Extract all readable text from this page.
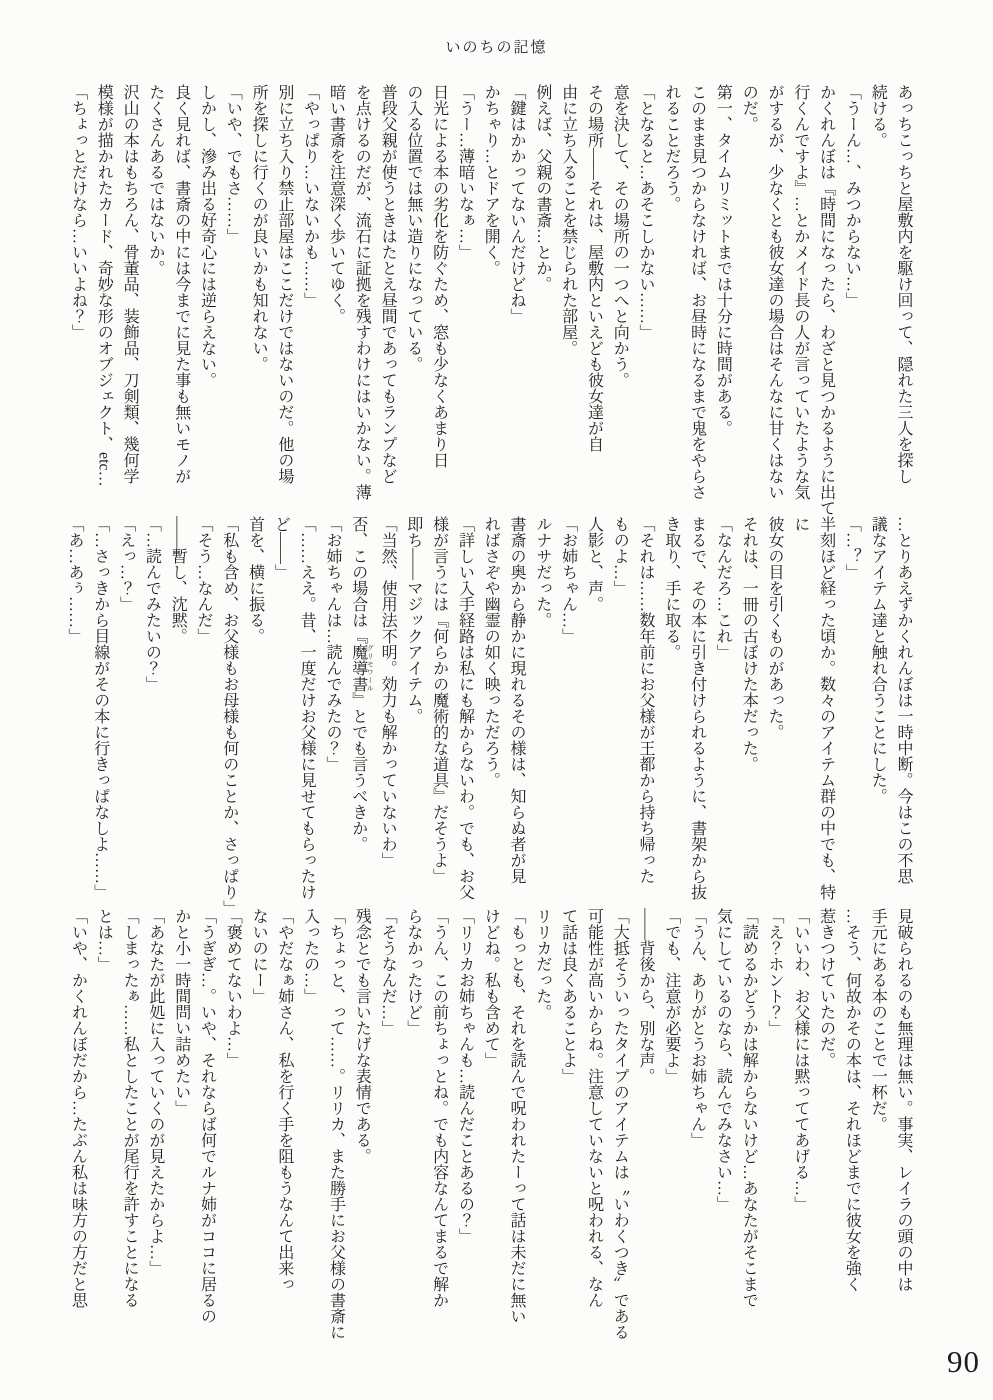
いのちの記憶

あっちこっちと屋敷内を駆け回って、隠れた三人を探し

続ける。

「うーん…、みつからない…」

かくれんぼは『時間になったら、わざと見つかるように出て

行くんですよ』…とかメイド長の人が言っていたような気

がするが、少なくとも彼女達の場合はそんなに甘くはない

のだ。

第一、タイムリミットまでは十分に時間がある。

このまま見つからなければ、お昼時になるまで鬼をやらさ

れることだろう。

「となると…あそこしかない……」

意を決して、その場所の一つへと向かう。

その場所――それは、屋敷内といえども彼女達が自

由に立ち入ることを禁じられた部屋。

例えば、父親の書斎…とか。

「鍵はかかってないんだけどね」

かちゃり…とドアを開く。

「うー…薄暗いなぁ…」

日光による本の劣化を防ぐため、窓も少なくあまり日

の入る位置では無い造りになっている。

普段父親が使うときはたとえ昼間であってもランプなど

を点けるのだが、流石に証拠を残すわけにはいかない。薄

暗い書斎を注意深く歩いてゆく。

「やっぱり…いないかも……」

別に立ち入り禁止部屋はここだけではないのだ。他の場

所を探しに行くのが良いかも知れない。

「いや、でもさ……」

しかし、滲み出る好奇心には逆らえない。

良く見れば、書斎の中には今までに見た事も無いモノが

たくさんあるではないか。

沢山の本はもちろん、骨董品、装飾品、刀剣類、幾何学

模様が描かれたカード、奇妙な形のオブジェクト、etc…

「ちょっとだけなら…いいよね？」

…とりあえずかくれんぼは一時中断。今はこの不思

議なアイテム達と触れ合うことにした。

「…？」

半刻ほど経った頃か。数々のアイテム群の中でも、特に

彼女の目を引くものがあった。

それは、一冊の古ぼけた本だった。

「なんだろ…これ」

まるで、その本に引き付けられるように、書架から抜

き取り、手に取る。

「それは……数年前にお父様が王都から持ち帰った

ものよ…」

人影と、声。

「お姉ちゃん…」

ルナサだった。

書斎の奥から静かに現れるその様は、知らぬ者が見

ればさぞや幽霊の如く映っただろう。

「詳しい入手経路は私にも解からないわ。でも、お父

様が言うには『何らかの魔術的な道具』だそうよ」

即ち――マジックアイテム。

「当然、使用法不明。効力も解かっていないわ」

否、この場合は『魔導書 グリモワール』とでも言うべきか。

「お姉ちゃんは…読んでみたの？」

「……ええ。昔、一度だけお父様に見せてもらったけ

ど――」

首を、横に振る。

「私も含め、お父様もお母様も何のことか、さっぱり」

「そう…なんだ」

――暫し、沈黙。

「…読んでみたいの？」

「えっ…？」

「…さっきから目線がその本に行きっぱなしよ……」

「あ…あぅ……」

見破られるのも無理は無い。事実、レイラの頭の中は

手元にある本のことで一杯だ。

…そう、何故かその本は、それほどまでに彼女を強く

惹きつけていたのだ。

「いいわ、お父様には黙っててあげる…」

「え？ホント？」

「読めるかどうかは解からないけど…あなたがそこまで

気にしているのなら、読んでみなさい…」

「うん、ありがとうお姉ちゃん」

「でも、注意が必要よ」

――背後から、別な声。

「大抵そういったタイプのアイテムは〝いわくつき〟である

可能性が高いからね。注意していないと呪われる、なん

て話は良くあることよ」

リリカだった。

「もっとも、それを読んで呪われたーって話は未だに無い

けどね。私も含めて」

「リリカお姉ちゃんも…読んだことあるの？」

「うん、この前ちょっとね。でも内容なんてまるで解か

らなかったけど」

「そうなんだ…」

残念とでも言いたげな表情である。

「ちょっと、って……。リリカ、また勝手にお父様の書斎に

入ったの…」

「やだなぁ姉さん、私を行く手を阻もうなんて出来っ

ないのにー」

「褒めてないわよ…」

「うぎぎ…。いや、それならば何でルナ姉がココに居るの

かと小一時間問い詰めたい」

「あなたが此処に入っていくのが見えたからよ…」

「しまったぁ……私としたことが尾行を許すことになる

とは…」

「いや、かくれんぼだから…たぶん私は味方の方だと思

90
